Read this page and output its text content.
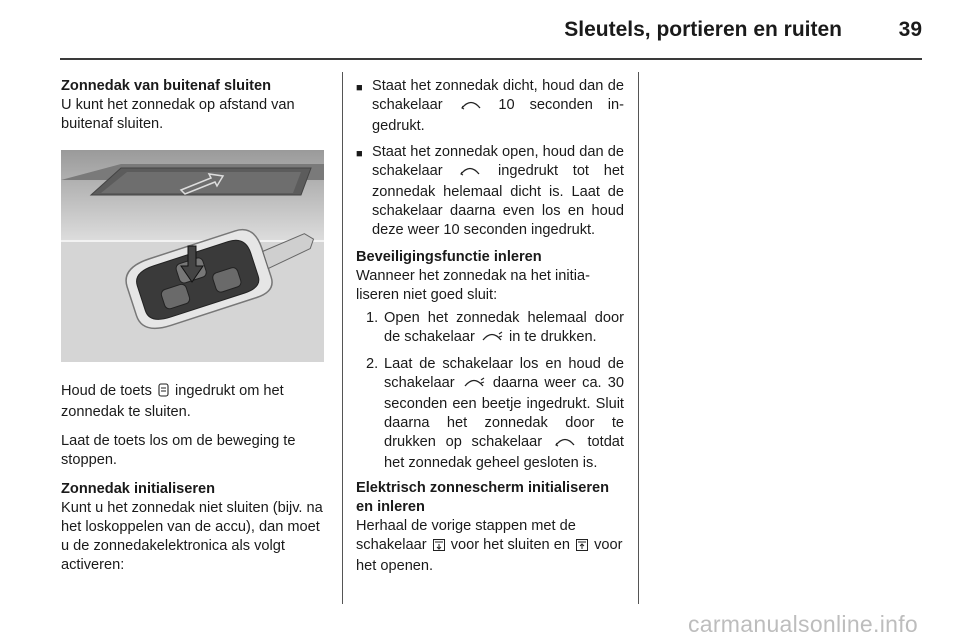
Sleutels, portieren en ruiten	39

Zonnedak van buitenaf sluiten
U kunt het zonnedak op afstand van buitenaf sluiten.

Houd de toets ingedrukt om het zonnedak te sluiten.

Laat de toets los om de beweging te stoppen.

Zonnedak initialiseren
Kunt u het zonnedak niet sluiten (bijv. na het loskoppelen van de accu), dan moet u de zonnedakelektronica als volgt activeren:

■ Staat het zonnedak dicht, houd dan de schakelaar	10 seconden ingedrukt.
■ Staat het zonnedak open, houd dan de schakelaar	ingedrukt tot het zonnedak helemaal dicht is. Laat de schakelaar daarna even los en houd deze weer 10 seconden ingedrukt.

Beveiligingsfunctie inleren
Wanneer het zonnedak na het initialiseren niet goed sluit:

1. Open het zonnedak helemaal door de schakelaar in te drukken.
2. Laat de schakelaar los en houd de schakelaar	daarna weer ca. 30 seconden een beetje ingedrukt. Sluit daarna het zonnedak door te drukken op schakelaar	totdat het zonnedak geheel gesloten is.

Elektrisch zonnescherm initialiseren en inleren
Herhaal de vorige stappen met de schakelaar voor het sluiten en voor het openen.

carmanualsonline.info
